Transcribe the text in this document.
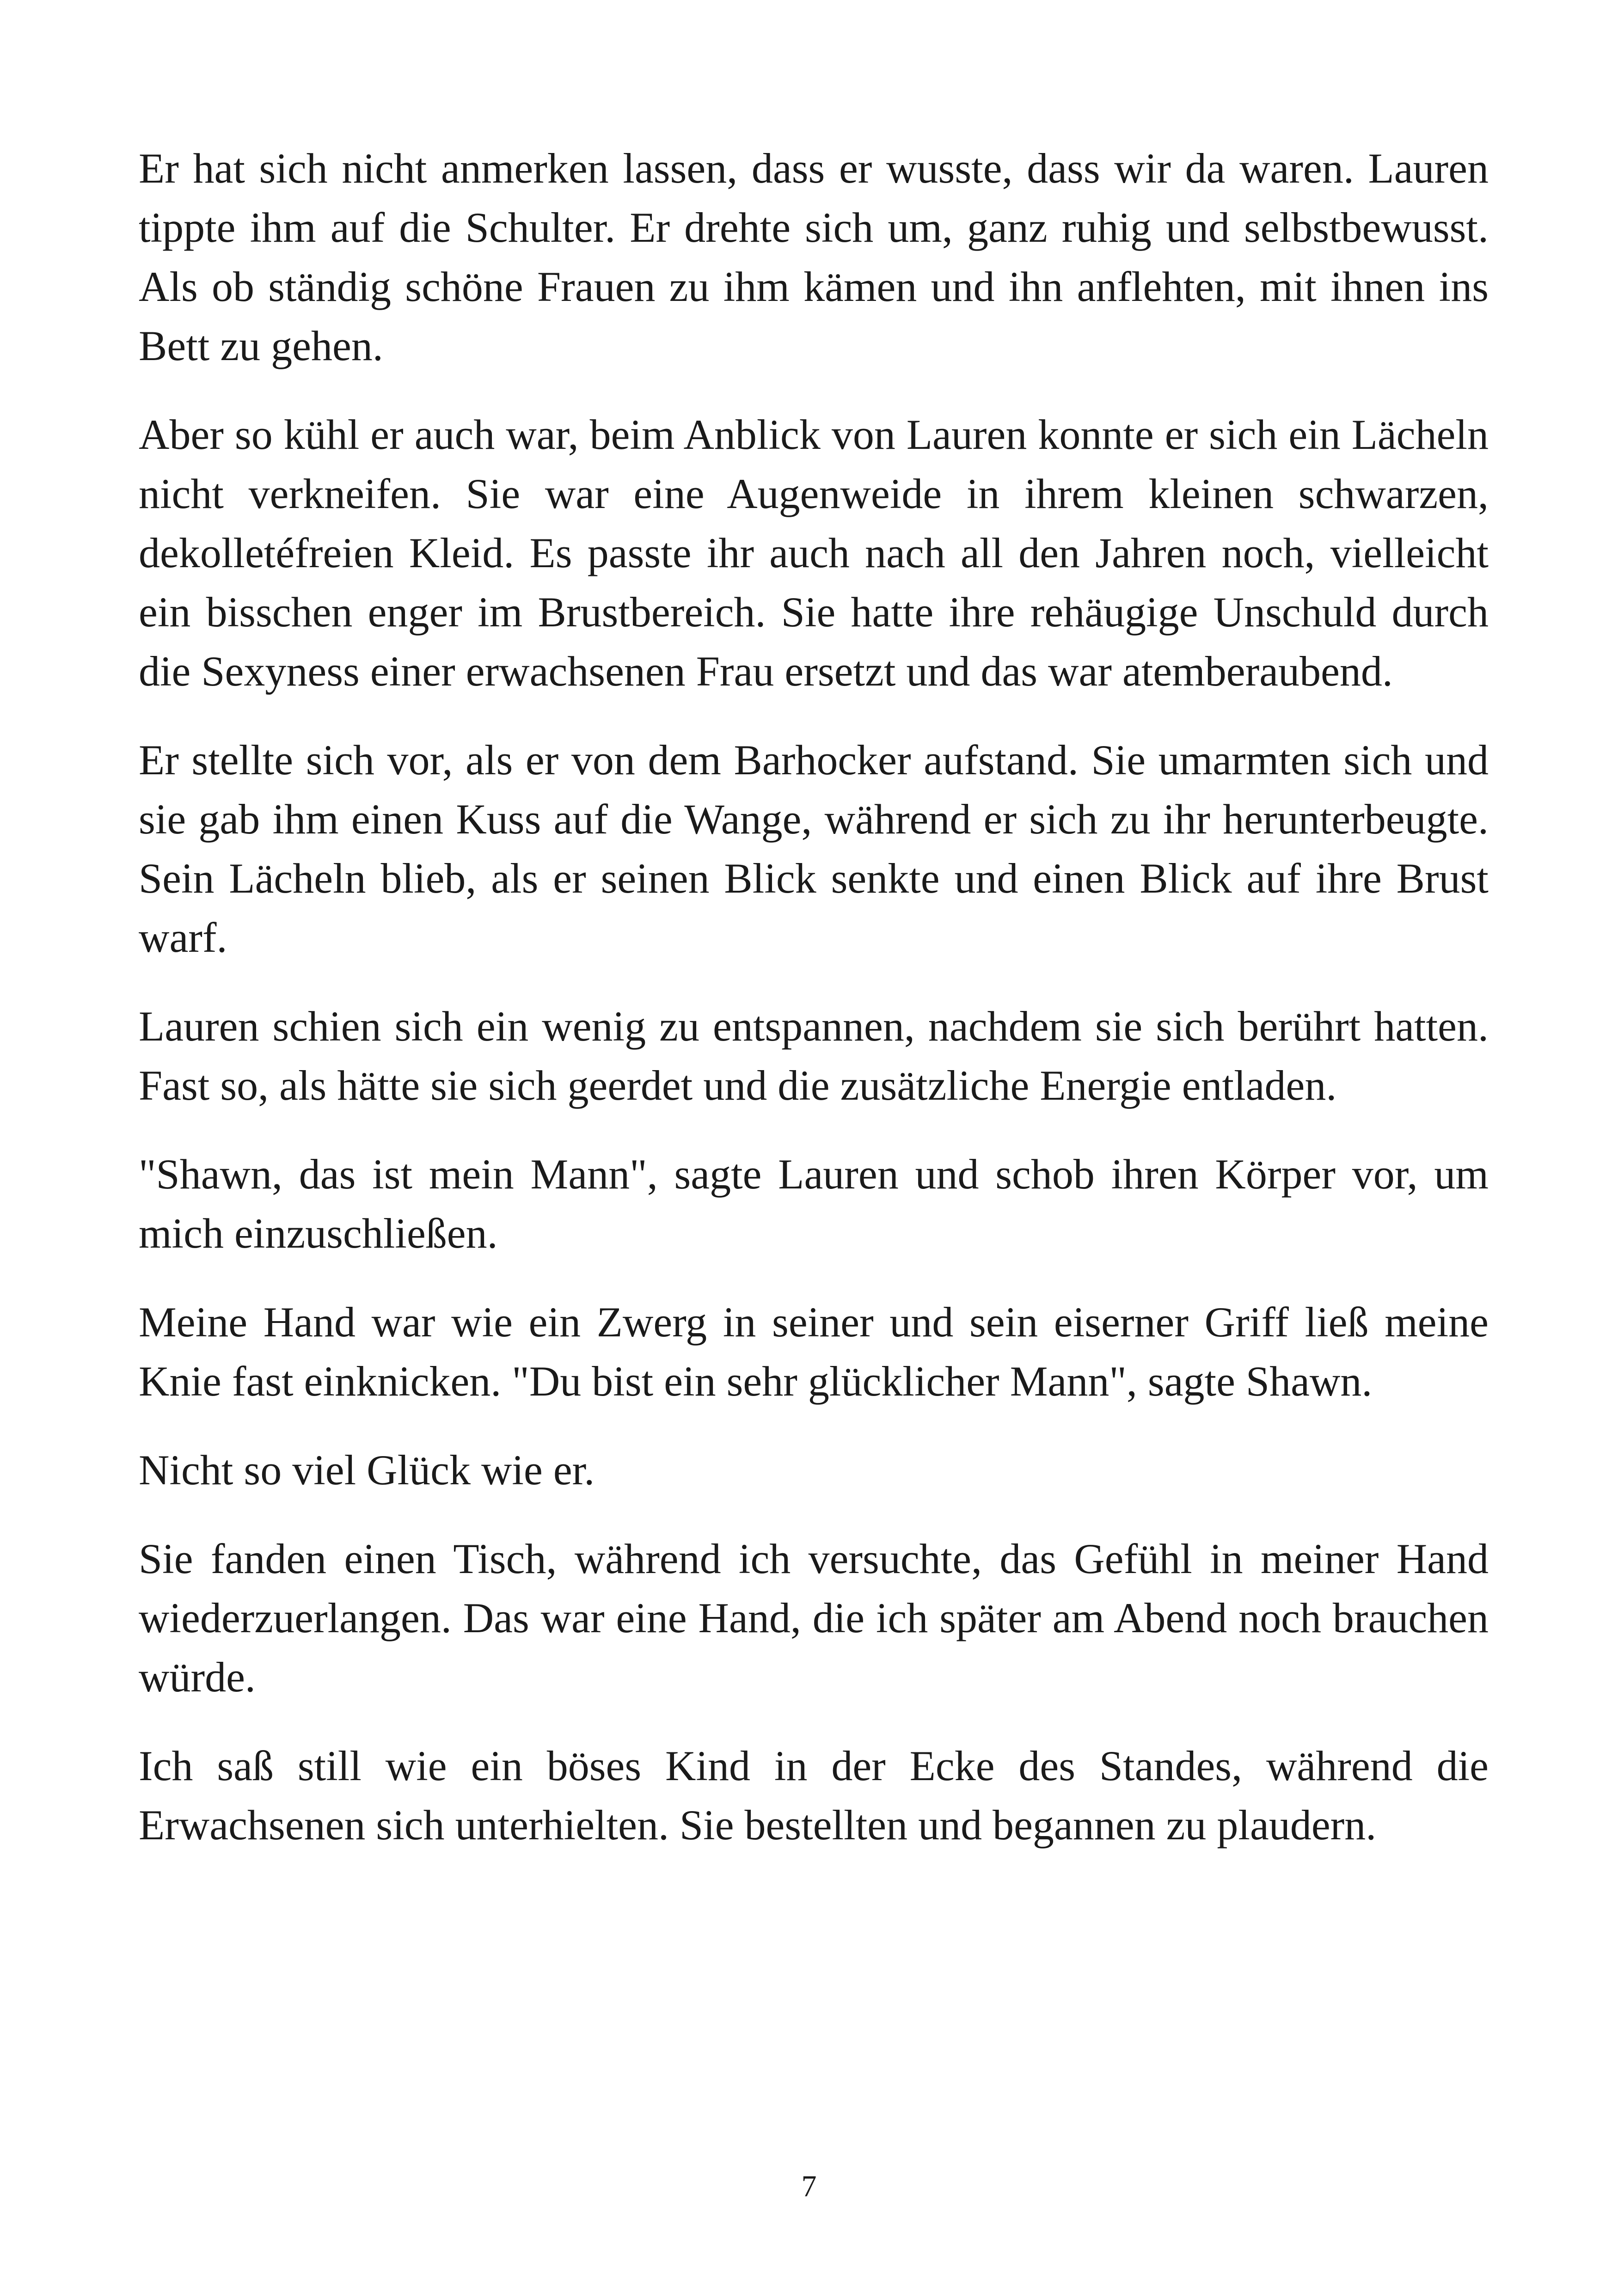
Er hat sich nicht anmerken lassen, dass er wusste, dass wir da waren. Lauren tippte ihm auf die Schulter. Er drehte sich um, ganz ruhig und selbstbewusst. Als ob ständig schöne Frauen zu ihm kämen und ihn anflehten, mit ihnen ins Bett zu gehen.

Aber so kühl er auch war, beim Anblick von Lauren konnte er sich ein Lächeln nicht verkneifen. Sie war eine Augenweide in ihrem kleinen schwarzen, dekolletéfreien Kleid. Es passte ihr auch nach all den Jahren noch, vielleicht ein bisschen enger im Brustbereich. Sie hatte ihre rehäugige Unschuld durch die Sexyness einer erwachsenen Frau ersetzt und das war atemberaubend.

Er stellte sich vor, als er von dem Barhocker aufstand. Sie umarmten sich und sie gab ihm einen Kuss auf die Wange, während er sich zu ihr herunterbeugte. Sein Lächeln blieb, als er seinen Blick senkte und einen Blick auf ihre Brust warf.

Lauren schien sich ein wenig zu entspannen, nachdem sie sich berührt hatten. Fast so, als hätte sie sich geerdet und die zusätzliche Energie entladen.

"Shawn, das ist mein Mann", sagte Lauren und schob ihren Körper vor, um mich einzuschließen.

Meine Hand war wie ein Zwerg in seiner und sein eiserner Griff ließ meine Knie fast einknicken. "Du bist ein sehr glücklicher Mann", sagte Shawn.

Nicht so viel Glück wie er.

Sie fanden einen Tisch, während ich versuchte, das Gefühl in meiner Hand wiederzuerlangen. Das war eine Hand, die ich später am Abend noch brauchen würde.

Ich saß still wie ein böses Kind in der Ecke des Standes, während die Erwachsenen sich unterhielten. Sie bestellten und begannen zu plaudern.

7
